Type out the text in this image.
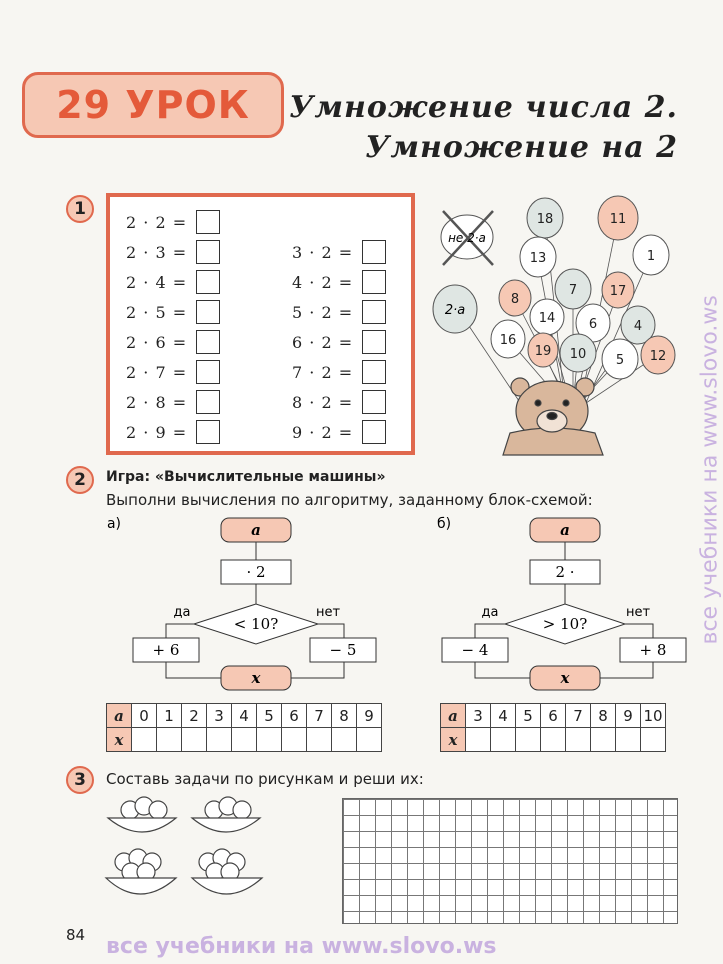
29 УРОК Умножение числа 2.
Умножение на 2
1
2 · 2 =
2 · 3 =
2 · 4 =
2 · 5 =
2 · 6 =
2 · 7 =
2 · 8 =
2 · 9 =
3 · 2 =
4 · 2 =
5 · 2 =
6 · 2 =
7 · 2 =
8 · 2 =
9 · 2 =
не 2·a
2·a
18	11
13	1
8
7	17
14	6	4
16
19 10 5 12
2 Игра: «Вычислительные машины»
Выполни вычисления по алгоритму, заданному блок-схемой:
а)	a
· 2
< 10?
да	нет
+ 6	− 5
x
б)	a
2 ·
> 10?
да	нет
− 4	+ 8
x
a	0	1	2	3	4	5	6	7	8	9
x										
a	3	4	5	6	7	8	9	10
x								
3 Составь задачи по рисункам и реши их:
84 все учебники на www.slovo.ws
все учебники на www.slovo.ws
